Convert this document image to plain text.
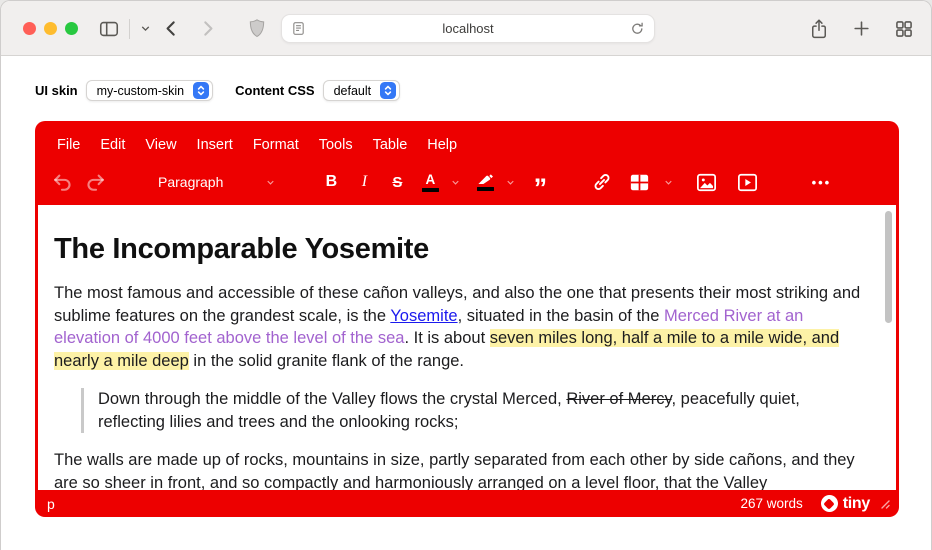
localhost
UI skin my-custom-skin	Content CSS default
File	Edit	View	Insert	Format	Tools	Table	Help
Paragraph	B	I	S	A	”	•••
The Incomparable Yosemite

The most famous and accessible of these cañon valleys, and also the one that presents their most striking and sublime features on the grandest scale, is the Yosemite, situated in the basin of the Merced River at an elevation of 4000 feet above the level of the sea. It is about seven miles long, half a mile to a mile wide, and nearly a mile deep in the solid granite flank of the range.

Down through the middle of the Valley flows the crystal Merced, River of Mercy, peacefully quiet, reflecting lilies and trees and the onlooking rocks;

The walls are made up of rocks, mountains in size, partly separated from each other by side cañons, and they are so sheer in front, and so compactly and harmoniously arranged on a level floor, that the Valley

p	267 words	tiny
